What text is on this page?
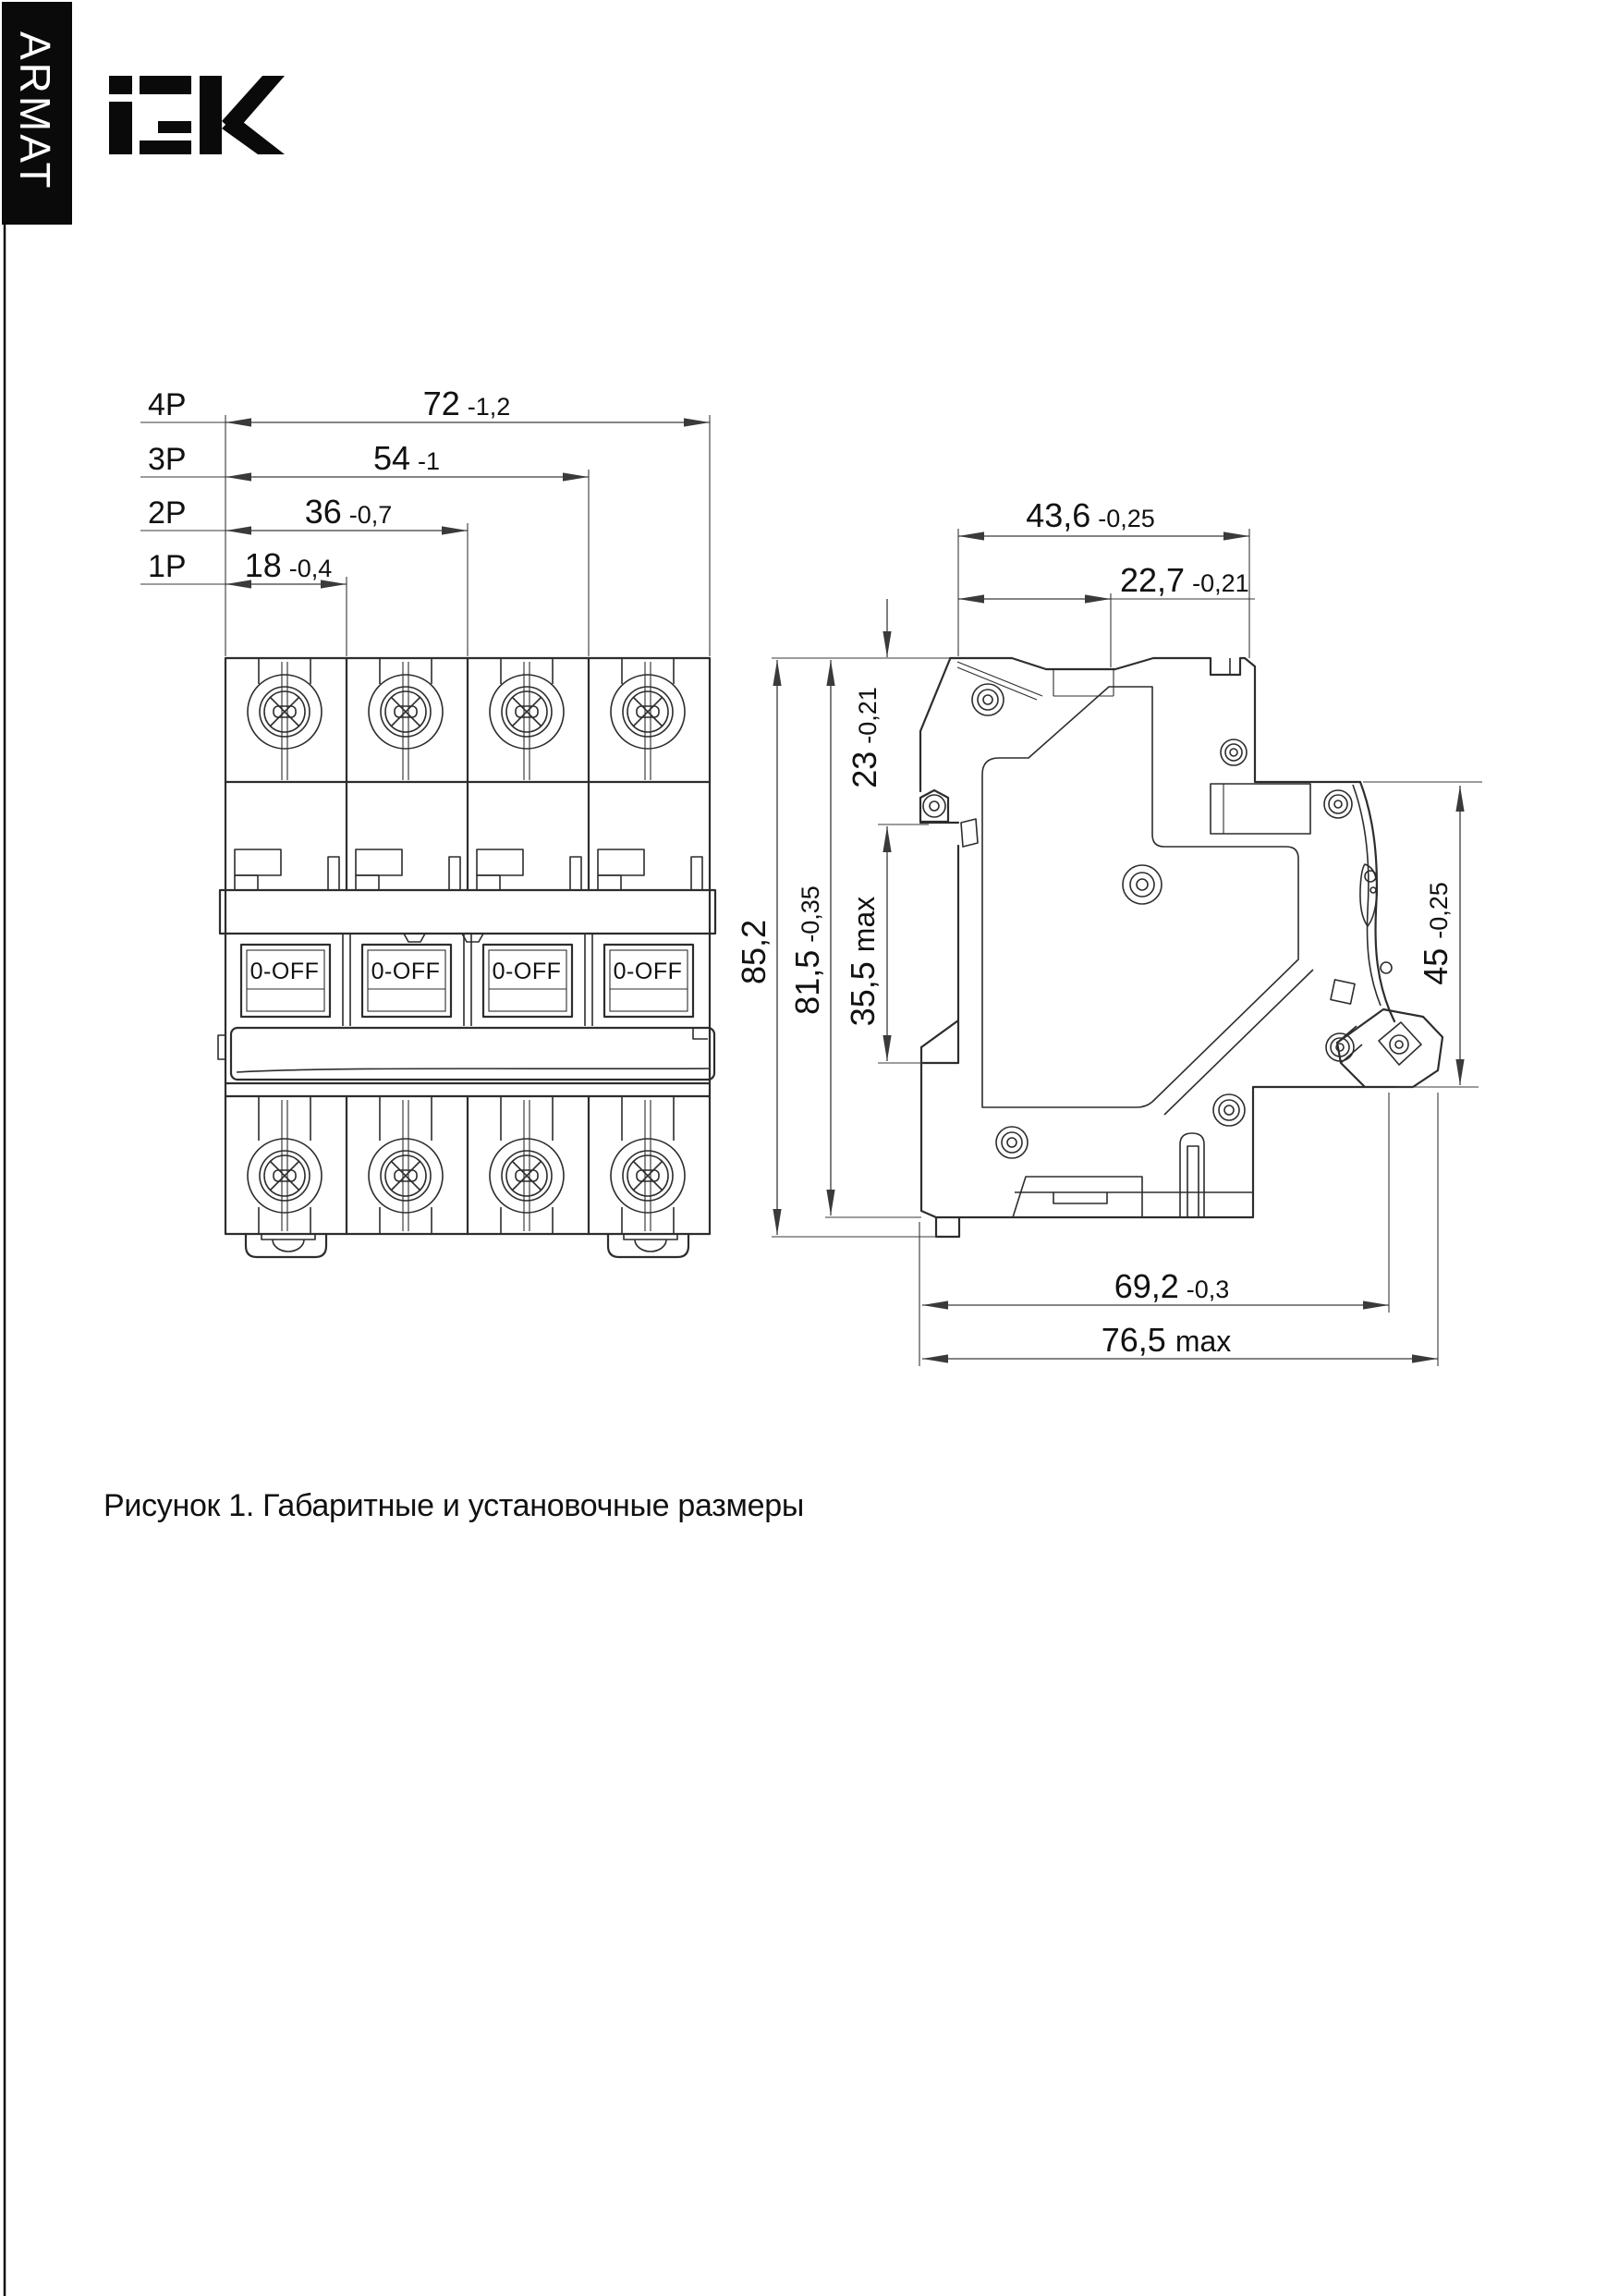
0-OFF
ARMAT
4P	72 -1,2
3P	54 -1
2P	36 -0,7
1P 18 -0,4
43,6 -0,25
22,7 -0,21
85,2 81,5-0,35
23-0,21
35,5max
45-0,25
69,2 -0,3
76,5 max
Рисунок 1. Габаритные и установочные размеры
